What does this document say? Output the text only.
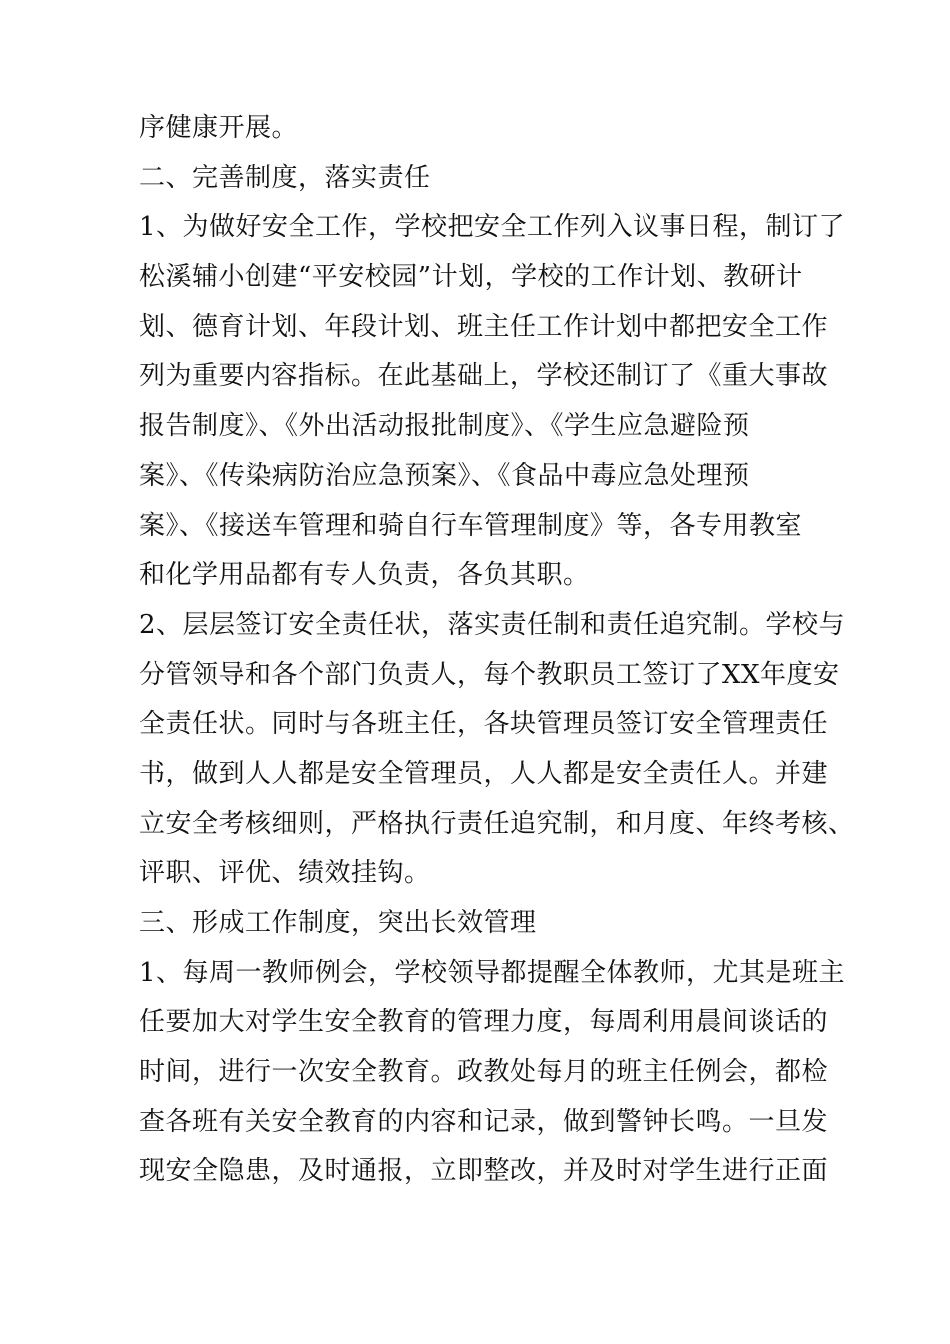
序健康开展。
二、完善制度，落实责任
1、为做好安全工作，学校把安全工作列入议事日程，制订了
松溪辅小创建“平安校园”计划，学校的工作计划、教研计
划、德育计划、年段计划、班主任工作计划中都把安全工作
列为重要内容指标。在此基础上，学校还制订了《重大事故
报告制度》、《外出活动报批制度》、《学生应急避险预
案》、《传染病防治应急预案》、《食品中毒应急处理预
案》、《接送车管理和骑自行车管理制度》等，各专用教室
和化学用品都有专人负责，各负其职。
2、层层签订安全责任状，落实责任制和责任追究制。学校与
分管领导和各个部门负责人，每个教职员工签订了XX年度安
全责任状。同时与各班主任，各块管理员签订安全管理责任
书，做到人人都是安全管理员，人人都是安全责任人。并建
立安全考核细则，严格执行责任追究制，和月度、年终考核、
评职、评优、绩效挂钩。
三、形成工作制度，突出长效管理
1、每周一教师例会，学校领导都提醒全体教师，尤其是班主
任要加大对学生安全教育的管理力度，每周利用晨间谈话的
时间，进行一次安全教育。政教处每月的班主任例会，都检
查各班有关安全教育的内容和记录，做到警钟长鸣。一旦发
现安全隐患，及时通报，立即整改，并及时对学生进行正面
